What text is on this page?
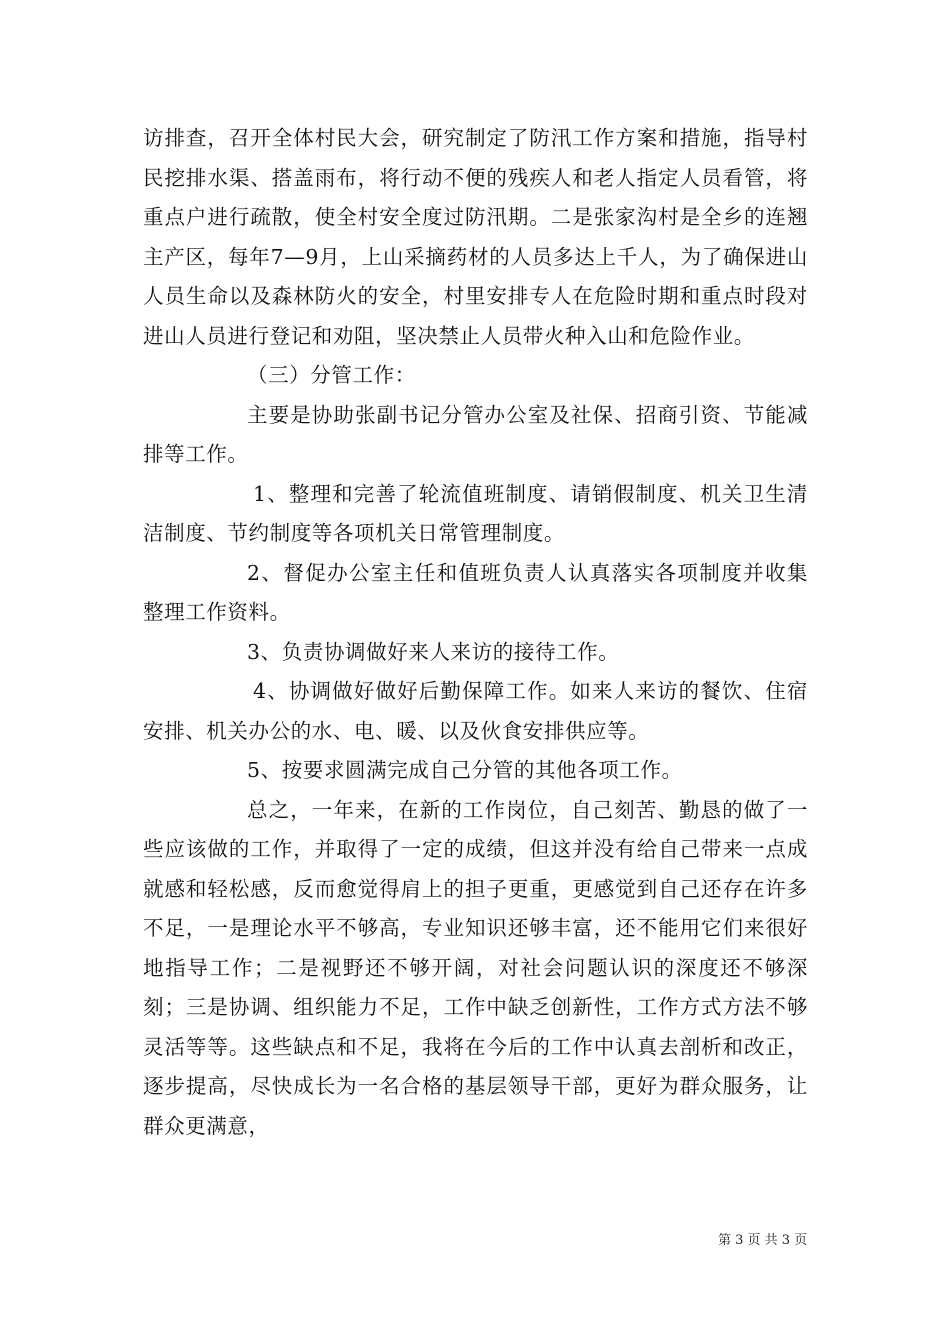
访排查，召开全体村民大会，研究制定了防汛工作方案和措施，指导村民挖排水渠、搭盖雨布，将行动不便的残疾人和老人指定人员看管，将重点户进行疏散，使全村安全度过防汛期。二是张家沟村是全乡的连翘主产区，每年7—9月，上山采摘药材的人员多达上千人，为了确保进山人员生命以及森林防火的安全，村里安排专人在危险时期和重点时段对进山人员进行登记和劝阻，坚决禁止人员带火种入山和危险作业。

（三）分管工作：

主要是协助张副书记分管办公室及社保、招商引资、节能减排等工作。

1、整理和完善了轮流值班制度、请销假制度、机关卫生清洁制度、节约制度等各项机关日常管理制度。

2、督促办公室主任和值班负责人认真落实各项制度并收集整理工作资料。

3、负责协调做好来人来访的接待工作。

4、协调做好做好后勤保障工作。如来人来访的餐饮、住宿安排、机关办公的水、电、暖、以及伙食安排供应等。

5、按要求圆满完成自己分管的其他各项工作。

总之，一年来，在新的工作岗位，自己刻苦、勤恳的做了一些应该做的工作，并取得了一定的成绩，但这并没有给自己带来一点成就感和轻松感，反而愈觉得肩上的担子更重，更感觉到自己还存在许多不足，一是理论水平不够高，专业知识还够丰富，还不能用它们来很好地指导工作；二是视野还不够开阔，对社会问题认识的深度还不够深刻；三是协调、组织能力不足，工作中缺乏创新性，工作方式方法不够灵活等等。这些缺点和不足，我将在今后的工作中认真去剖析和改正，逐步提高，尽快成长为一名合格的基层领导干部，更好为群众服务，让群众更满意，

第 3 页 共 3 页
